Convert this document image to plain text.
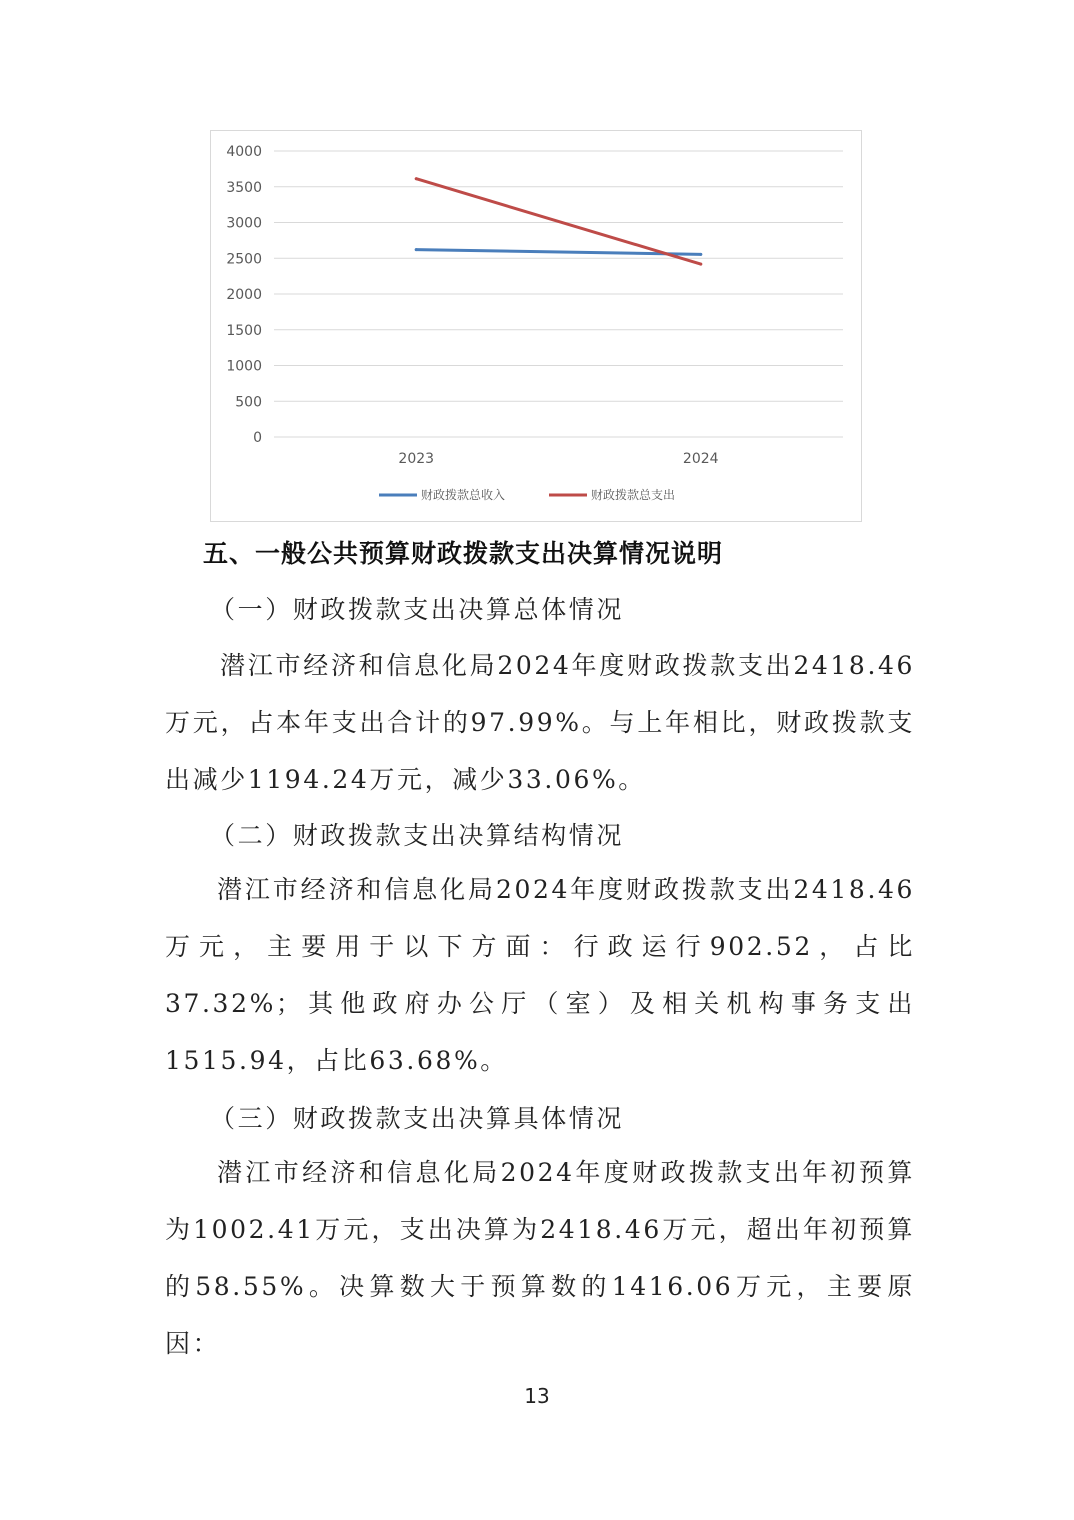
0
500
1000
1500
2000
2500
3000
3500
4000
2023	2024
财政拨款总收入	财政拨款总支出
五、一般公共预算财政拨款支出决算情况说明
（一）财政拨款支出决算总体情况
潜江市经济和信息化局2024年度财政拨款支出2418.46万元，占本年支出合计的97.99%。与上年相比，财政拨款支出减少1194.24万元，减少33.06%。
（二）财政拨款支出决算结构情况
潜江市经济和信息化局2024年度财政拨款支出2418.46万元，主要用于以下方面：行政运行902.52，占比37.32%；其他政府办公厅（室）及相关机构事务支出1515.94，占比63.68%。
（三）财政拨款支出决算具体情况
潜江市经济和信息化局2024年度财政拨款支出年初预算为1002.41万元，支出决算为2418.46万元，超出年初预算的58.55%。决算数大于预算数的1416.06万元，主要原因：
13
